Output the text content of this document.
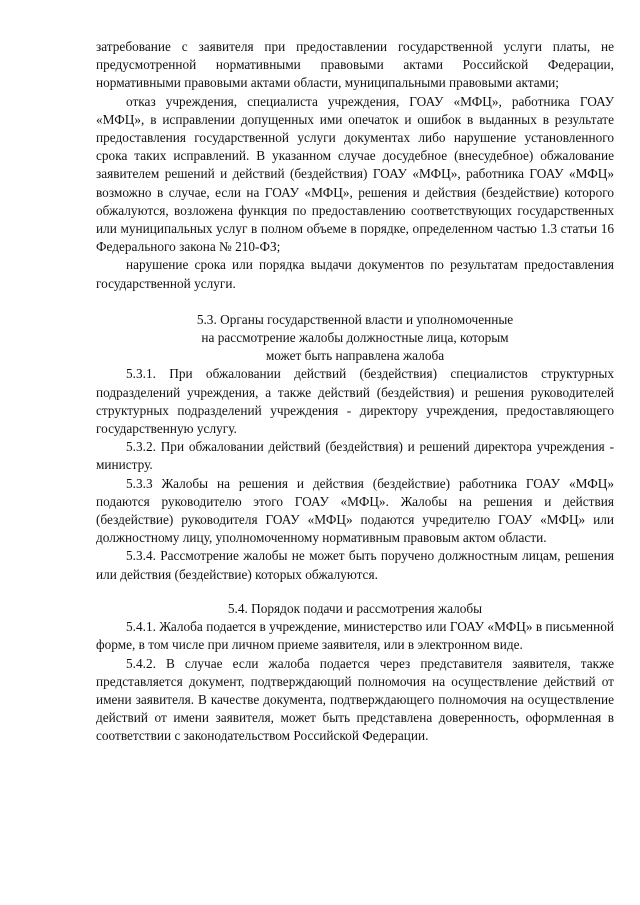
затребование с заявителя при предоставлении государственной услуги платы, не предусмотренной нормативными правовыми актами Российской Федерации, нормативными правовыми актами области, муниципальными правовыми актами;

отказ учреждения, специалиста учреждения, ГОАУ «МФЦ», работника ГОАУ «МФЦ», в исправлении допущенных ими опечаток и ошибок в выданных в результате предоставления государственной услуги документах либо нарушение установленного срока таких исправлений. В указанном случае досудебное (внесудебное) обжалование заявителем решений и действий (бездействия) ГОАУ «МФЦ», работника ГОАУ «МФЦ» возможно в случае, если на ГОАУ «МФЦ», решения и действия (бездействие) которого обжалуются, возложена функция по предоставлению соответствующих государственных или муниципальных услуг в полном объеме в порядке, определенном частью 1.3 статьи 16 Федерального закона № 210-ФЗ;

нарушение срока или порядка выдачи документов по результатам предоставления государственной услуги.

5.3. Органы государственной власти и уполномоченные

на рассмотрение жалобы должностные лица, которым

может быть направлена жалоба

5.3.1. При обжаловании действий (бездействия) специалистов структурных подразделений учреждения, а также действий (бездействия) и решения руководителей структурных подразделений учреждения - директору учреждения, предоставляющего государственную услугу.

5.3.2. При обжаловании действий (бездействия) и решений директора учреждения - министру.

5.3.3 Жалобы на решения и действия (бездействие) работника ГОАУ «МФЦ» подаются руководителю этого ГОАУ «МФЦ». Жалобы на решения и действия (бездействие) руководителя ГОАУ «МФЦ» подаются учредителю ГОАУ «МФЦ» или должностному лицу, уполномоченному нормативным правовым актом области.

5.3.4. Рассмотрение жалобы не может быть поручено должностным лицам, решения или действия (бездействие) которых обжалуются.

5.4. Порядок подачи и рассмотрения жалобы

5.4.1. Жалоба подается в учреждение, министерство или ГОАУ «МФЦ» в письменной форме, в том числе при личном приеме заявителя, или в электронном виде.

5.4.2. В случае если жалоба подается через представителя заявителя, также представляется документ, подтверждающий полномочия на осуществление действий от имени заявителя. В качестве документа, подтверждающего полномочия на осуществление действий от имени заявителя, может быть представлена доверенность, оформленная в соответствии с законодательством Российской Федерации.
